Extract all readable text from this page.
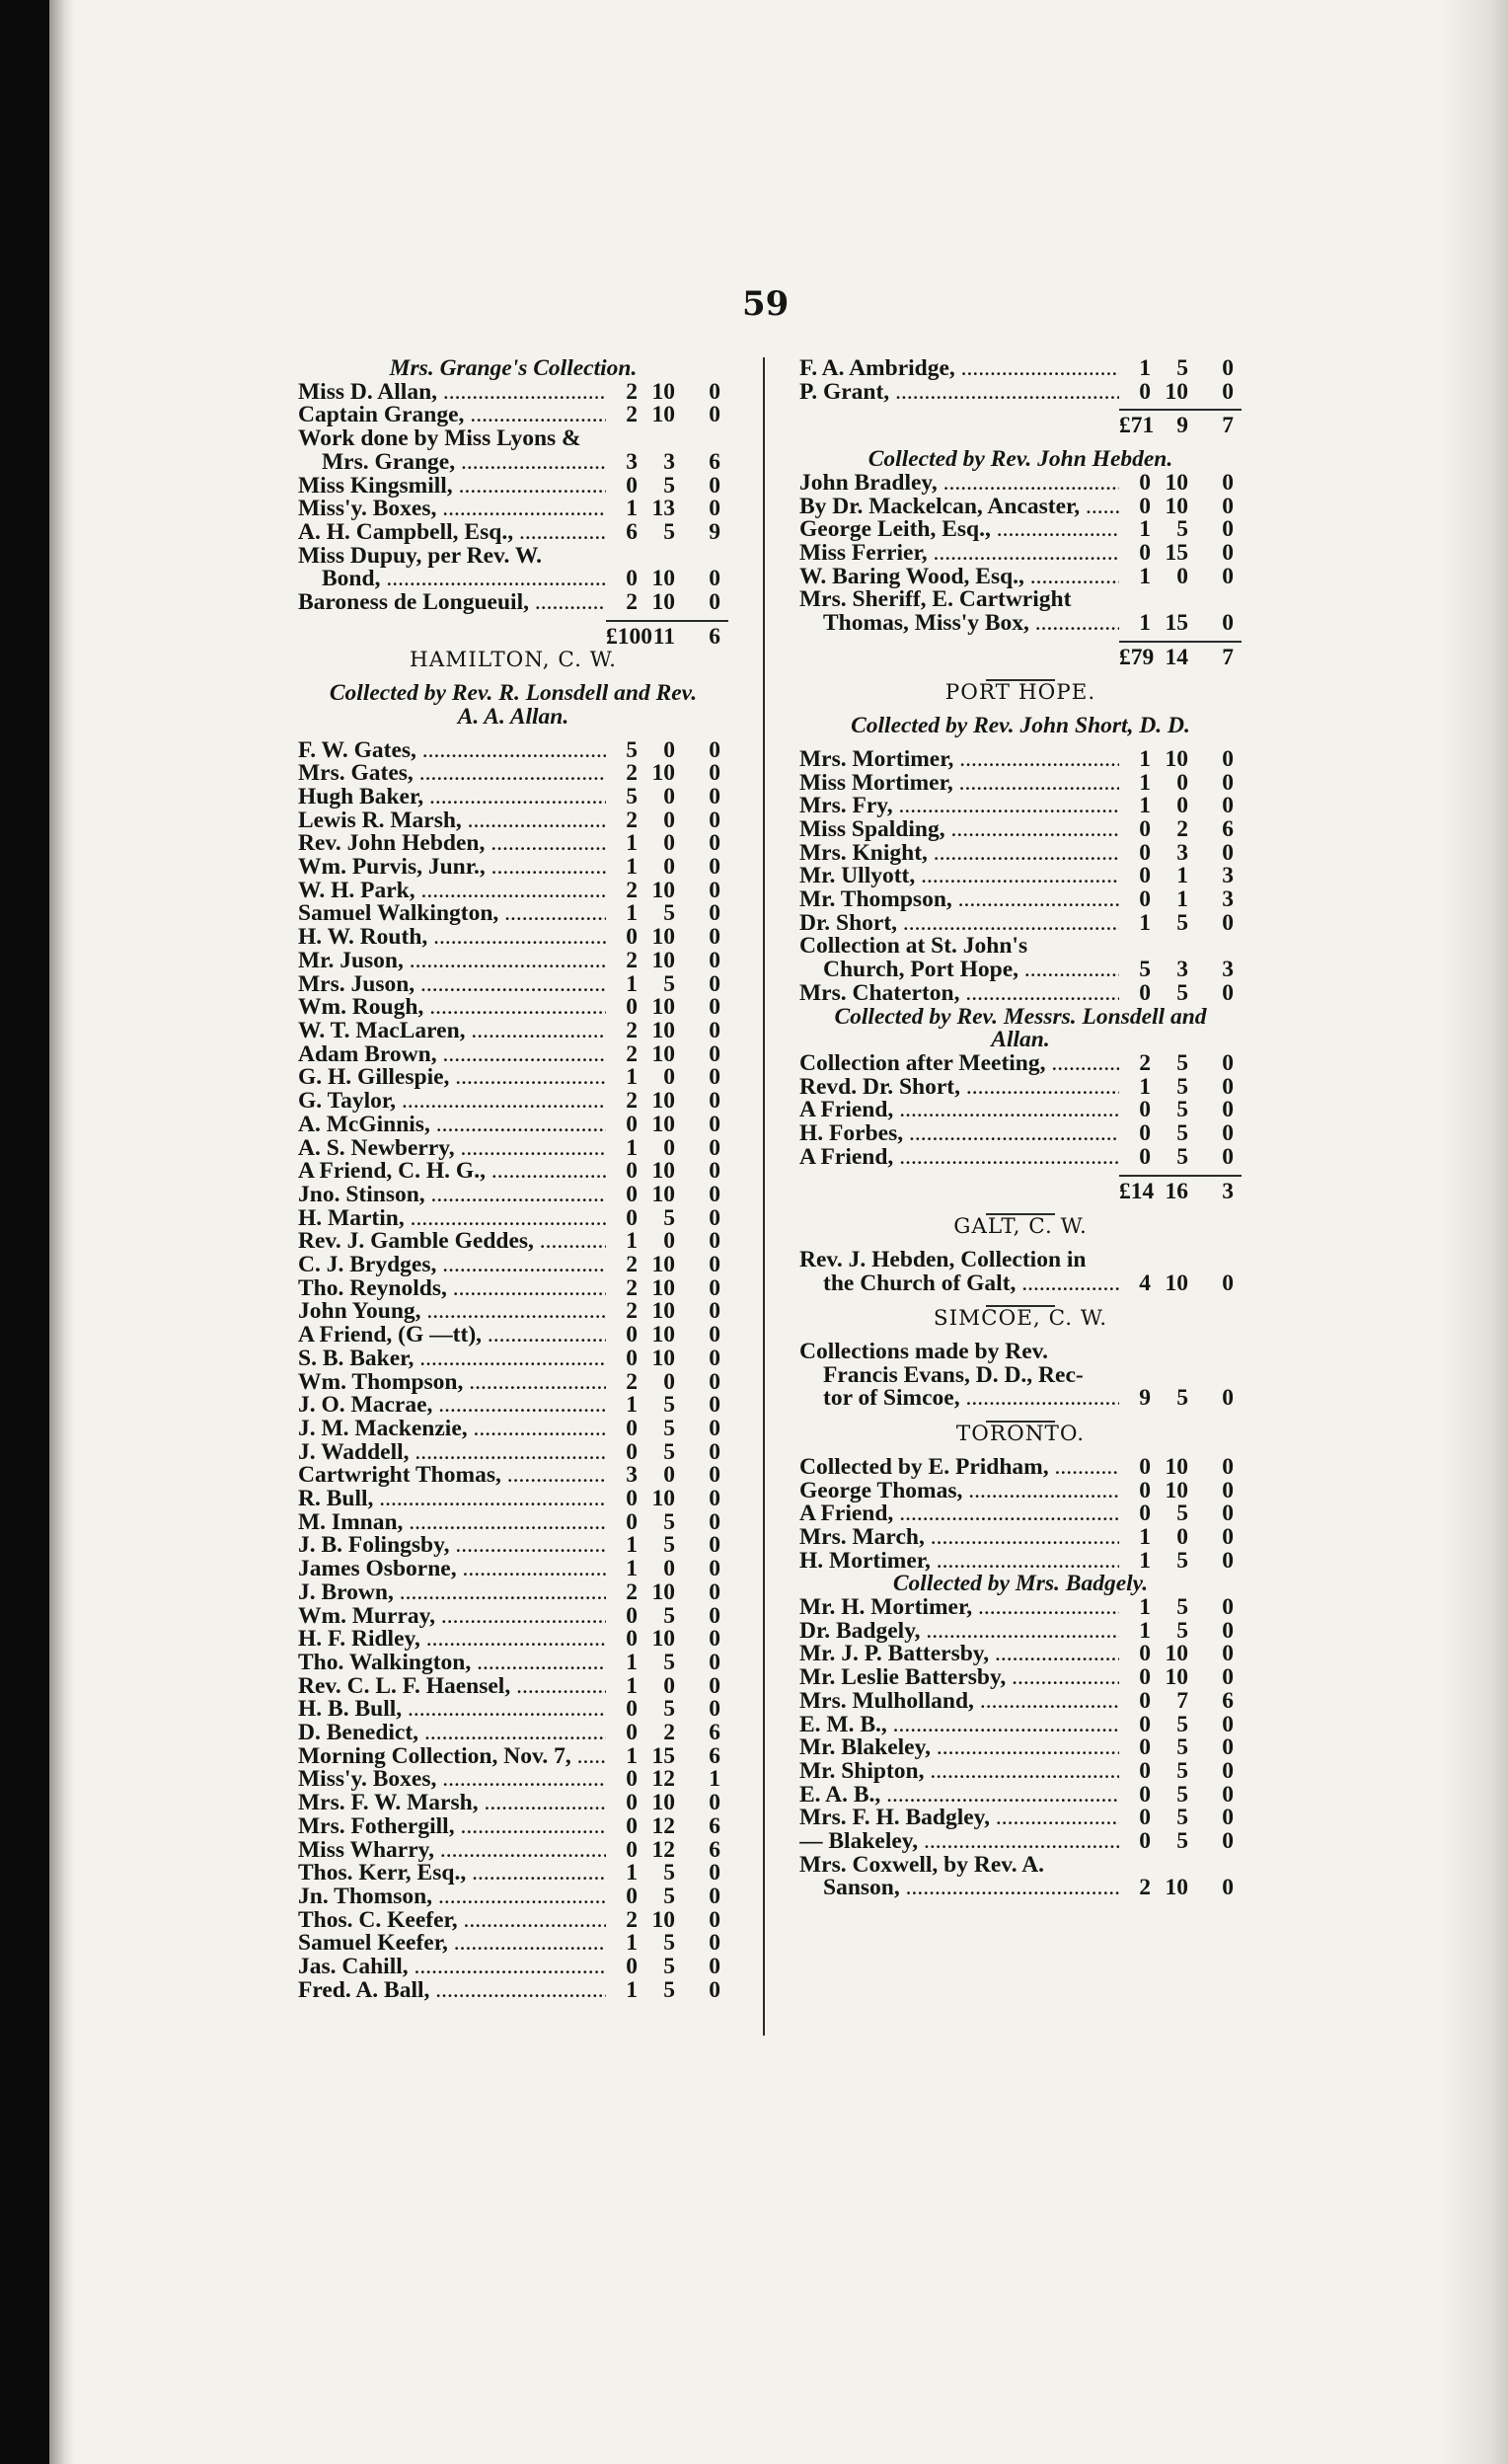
59
Mrs. Grange's Collection.
Miss D. Allan, .....	2 10	0
Captain Grange, .....	2 10	0
Work done by Miss Lyons &
Mrs. Grange, .....	3	3	6
Miss Kingsmill, .....	0	5	0
Miss'y. Boxes, .....	1 13	0
A. H. Campbell, Esq., .....	6	5	9
Miss Dupuy, per Rev. W.
Bond, .....	0 10	0
Baroness de Longueuil, .....	2 10	0
£100 11	6
HAMILTON, C. W.
Collected by Rev. R. Lonsdell and Rev.
A. A. Allan.
F. W. Gates, .....	5	0	0
Mrs. Gates, .....	2 10	0
Hugh Baker, .....	5	0	0
Lewis R. Marsh, .....	2	0	0
Rev. John Hebden, .....	1	0	0
Wm. Purvis, Junr., .....	1	0	0
W. H. Park, .....	2 10	0
Samuel Walkington, .....	1	5	0
H. W. Routh, .....	0 10	0
Mr. Juson, .....	2 10	0
Mrs. Juson, .....	1	5	0
Wm. Rough, .....	0 10	0
W. T. MacLaren, .....	2 10	0
Adam Brown, .....	2 10	0
G. H. Gillespie, .....	1	0	0
G. Taylor, .....	2 10	0
A. McGinnis, .....	0 10	0
A. S. Newberry, .....	1	0	0
A Friend, C. H. G., .....	0 10	0
Jno. Stinson, .....	0 10	0
H. Martin, .....	0	5	0
Rev. J. Gamble Geddes, .....	1	0	0
C. J. Brydges, .....	2 10	0
Tho. Reynolds, .....	2 10	0
John Young, .....	2 10	0
A Friend, (G —tt), .....	0 10	0
S. B. Baker, .....	0 10	0
Wm. Thompson, .....	2	0	0
J. O. Macrae, .....	1	5	0
J. M. Mackenzie, .....	0	5	0
J. Waddell, .....	0	5	0
Cartwright Thomas, .....	3	0	0
R. Bull, .....	0 10	0
M. Imnan, .....	0	5	0
J. B. Folingsby, .....	1	5	0
James Osborne, .....	1	0	0
J. Brown, .....	2 10	0
Wm. Murray, .....	0	5	0
H. F. Ridley, .....	0 10	0
Tho. Walkington, .....	1	5	0
Rev. C. L. F. Haensel, .....	1	0	0
H. B. Bull, .....	0	5	0
D. Benedict, .....	0	2	6
Morning Collection, Nov. 7, .....	1 15	6
Miss'y. Boxes, .....	0 12	1
Mrs. F. W. Marsh, .....	0 10	0
Mrs. Fothergill, .....	0 12	6
Miss Wharry, .....	0 12	6
Thos. Kerr, Esq., .....	1	5	0
Jn. Thomson, .....	0	5	0
Thos. C. Keefer, .....	2 10	0
Samuel Keefer, .....	1	5	0
Jas. Cahill, .....	0	5	0
Fred. A. Ball, .....	1	5	0
F. A. Ambridge, .....	1	5	0
P. Grant, .....	0 10	0
£71 9	7
Collected by Rev. John Hebden.
John Bradley, .....	0 10	0
By Dr. Mackelcan, Ancaster, .....	0 10	0
George Leith, Esq., .....	1	5	0
Miss Ferrier, .....	0 15	0
W. Baring Wood, Esq., .....	1	0	0
Mrs. Sheriff, E. Cartwright
Thomas, Miss'y Box, .....	1 15	0
£79 14	7
PORT HOPE.
Collected by Rev. John Short, D. D.
Mrs. Mortimer, .....	1 10	0
Miss Mortimer, .....	1	0	0
Mrs. Fry, .....	1	0	0
Miss Spalding, .....	0	2	6
Mrs. Knight, .....	0	3	0
Mr. Ullyott, .....	0	1	3
Mr. Thompson, .....	0	1	3
Dr. Short, .....	1	5	0
Collection at St. John's
Church, Port Hope, .....	5	3	3
Mrs. Chaterton, .....	0	5	0
Collected by Rev. Messrs. Lonsdell and
Allan.
Collection after Meeting, .....	2	5	0
Revd. Dr. Short, .....	1	5	0
A Friend, .....	0	5	0
H. Forbes, .....	0	5	0
A Friend, .....	0	5	0
£14 16	3
GALT, C. W.
Rev. J. Hebden, Collection in
the Church of Galt, .....	4 10	0
SIMCOE, C. W.
Collections made by Rev.
Francis Evans, D. D., Rec-
tor of Simcoe, .....	9	5	0
TORONTO.
Collected by E. Pridham, .....	0 10	0
George Thomas, .....	0 10	0
A Friend, .....	0	5	0
Mrs. March, .....	1	0	0
H. Mortimer, .....	1	5	0
Collected by Mrs. Badgely.
Mr. H. Mortimer, .....	1	5	0
Dr. Badgely, .....	1	5	0
Mr. J. P. Battersby, .....	0 10	0
Mr. Leslie Battersby, .....	0 10	0
Mrs. Mulholland, .....	0	7	6
E. M. B., .....	0	5	0
Mr. Blakeley, .....	0	5	0
Mr. Shipton, .....	0	5	0
E. A. B., .....	0	5	0
Mrs. F. H. Badgley, .....	0	5	0
— Blakeley, .....	0	5	0
Mrs. Coxwell, by Rev. A.
Sanson, .....	2 10	0
